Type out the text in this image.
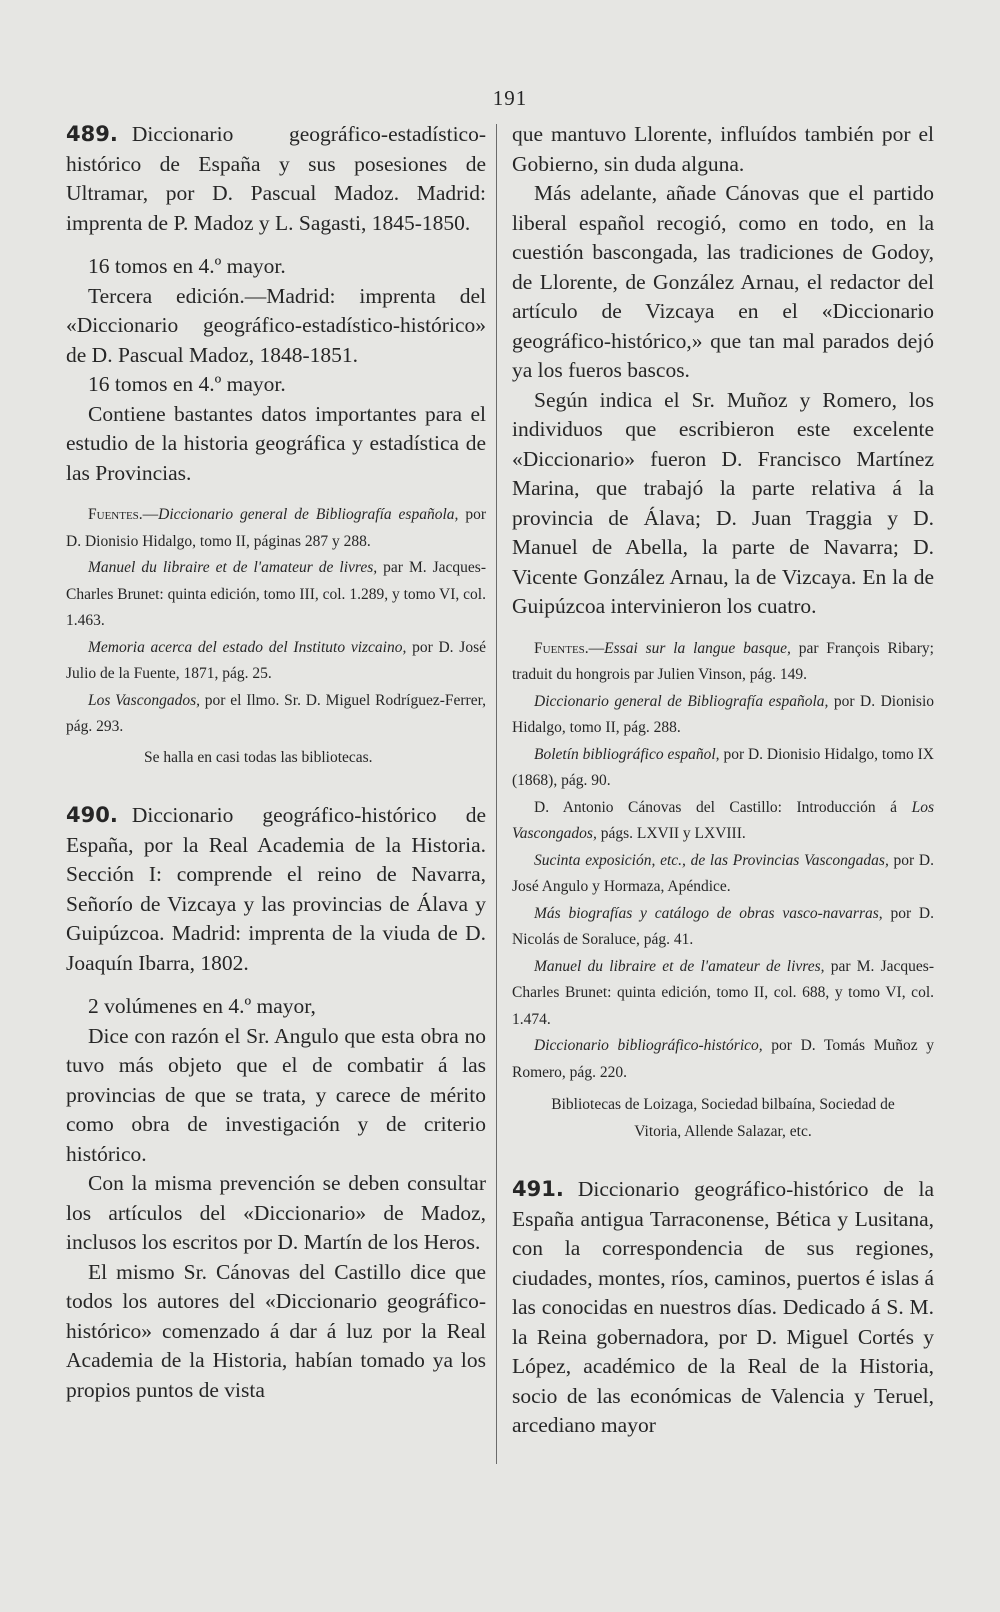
191

489. Diccionario geográfico-estadístico-histórico de España y sus posesiones de Ultramar, por D. Pascual Madoz. Madrid: imprenta de P. Madoz y L. Sagasti, 1845-1850.

16 tomos en 4.º mayor.

Tercera edición.—Madrid: imprenta del «Diccionario geográfico-estadístico-histórico» de D. Pascual Madoz, 1848-1851.

16 tomos en 4.º mayor.

Contiene bastantes datos importantes para el estudio de la historia geográfica y estadística de las Provincias.

Fuentes.—Diccionario general de Bibliografía española, por D. Dionisio Hidalgo, tomo II, páginas 287 y 288.

Manuel du libraire et de l'amateur de livres, par M. Jacques-Charles Brunet: quinta edición, tomo III, col. 1.289, y tomo VI, col. 1.463.

Memoria acerca del estado del Instituto vizcaino, por D. José Julio de la Fuente, 1871, pág. 25.

Los Vascongados, por el Ilmo. Sr. D. Miguel Rodríguez-Ferrer, pág. 293.

Se halla en casi todas las bibliotecas.

490. Diccionario geográfico-histórico de España, por la Real Academia de la Historia. Sección I: comprende el reino de Navarra, Señorío de Vizcaya y las provincias de Álava y Guipúzcoa. Madrid: imprenta de la viuda de D. Joaquín Ibarra, 1802.

2 volúmenes en 4.º mayor,

Dice con razón el Sr. Angulo que esta obra no tuvo más objeto que el de combatir á las provincias de que se trata, y carece de mérito como obra de investigación y de criterio histórico.

Con la misma prevención se deben consultar los artículos del «Diccionario» de Madoz, inclusos los escritos por D. Martín de los Heros.

El mismo Sr. Cánovas del Castillo dice que todos los autores del «Diccionario geográfico-histórico» comenzado á dar á luz por la Real Academia de la Historia, habían tomado ya los propios puntos de vista

que mantuvo Llorente, influídos también por el Gobierno, sin duda alguna.

Más adelante, añade Cánovas que el partido liberal español recogió, como en todo, en la cuestión bascongada, las tradiciones de Godoy, de Llorente, de González Arnau, el redactor del artículo de Vizcaya en el «Diccionario geográfico-histórico,» que tan mal parados dejó ya los fueros bascos.

Según indica el Sr. Muñoz y Romero, los individuos que escribieron este excelente «Diccionario» fueron D. Francisco Martínez Marina, que trabajó la parte relativa á la provincia de Álava; D. Juan Traggia y D. Manuel de Abella, la parte de Navarra; D. Vicente González Arnau, la de Vizcaya. En la de Guipúzcoa intervinieron los cuatro.

Fuentes.—Essai sur la langue basque, par François Ribary; traduit du hongrois par Julien Vinson, pág. 149.

Diccionario general de Bibliografía española, por D. Dionisio Hidalgo, tomo II, pág. 288.

Boletín bibliográfico español, por D. Dionisio Hidalgo, tomo IX (1868), pág. 90.

D. Antonio Cánovas del Castillo: Introducción á Los Vascongados, págs. LXVII y LXVIII.

Sucinta exposición, etc., de las Provincias Vascongadas, por D. José Angulo y Hormaza, Apéndice.

Más biografías y catálogo de obras vasco-navarras, por D. Nicolás de Soraluce, pág. 41.

Manuel du libraire et de l'amateur de livres, par M. Jacques-Charles Brunet: quinta edición, tomo II, col. 688, y tomo VI, col. 1.474.

Diccionario bibliográfico-histórico, por D. Tomás Muñoz y Romero, pág. 220.

Bibliotecas de Loizaga, Sociedad bilbaína, Sociedad de Vitoria, Allende Salazar, etc.

491. Diccionario geográfico-histórico de la España antigua Tarraconense, Bética y Lusitana, con la correspondencia de sus regiones, ciudades, montes, ríos, caminos, puertos é islas á las conocidas en nuestros días. Dedicado á S. M. la Reina gobernadora, por D. Miguel Cortés y López, académico de la Real de la Historia, socio de las económicas de Valencia y Teruel, arcediano mayor
